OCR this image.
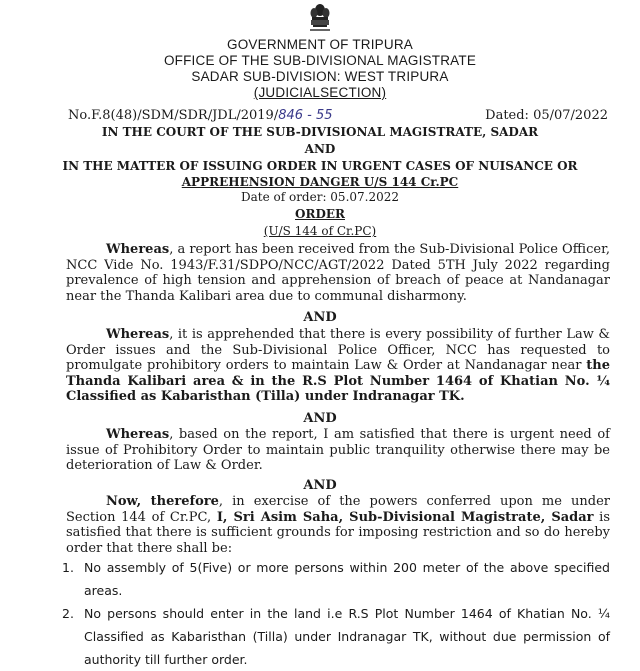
GOVERNMENT OF TRIPURA
OFFICE OF THE SUB-DIVISIONAL MAGISTRATE
SADAR SUB-DIVISION: WEST TRIPURA
(JUDICIALSECTION)
No.F.8(48)/SDM/SDR/JDL/2019/846 - 55	Dated: 05/07/2022
IN THE COURT OF THE SUB-DIVISIONAL MAGISTRATE, SADAR
AND
IN THE MATTER OF ISSUING ORDER IN URGENT CASES OF NUISANCE OR
APPREHENSION DANGER U/S 144 Cr.PC
Date of order: 05.07.2022
ORDER
(U/S 144 of Cr.PC)
Whereas, a report has been received from the Sub-Divisional Police Officer, NCC Vide No. 1943/F.31/SDPO/NCC/AGT/2022 Dated 5TH July 2022 regarding prevalence of high tension and apprehension of breach of peace at Nandanagar near the Thanda Kalibari area due to communal disharmony.
AND
Whereas, it is apprehended that there is every possibility of further Law & Order issues and the Sub-Divisional Police Officer, NCC has requested to promulgate prohibitory orders to maintain Law & Order at Nandanagar near the Thanda Kalibari area & in the R.S Plot Number 1464 of Khatian No. ¼ Classified as Kabaristhan (Tilla) under Indranagar TK.
AND
Whereas, based on the report, I am satisfied that there is urgent need of issue of Prohibitory Order to maintain public tranquility otherwise there may be deterioration of Law & Order.
AND
Now, therefore, in exercise of the powers conferred upon me under Section 144 of Cr.PC, I, Sri Asim Saha, Sub-Divisional Magistrate, Sadar is satisfied that there is sufficient grounds for imposing restriction and so do hereby order that there shall be:
1. No assembly of 5(Five) or more persons within 200 meter of the above specified areas.
2. No persons should enter in the land i.e R.S Plot Number 1464 of Khatian No. ¼ Classified as Kabaristhan (Tilla) under Indranagar TK, without due permission of authority till further order.
